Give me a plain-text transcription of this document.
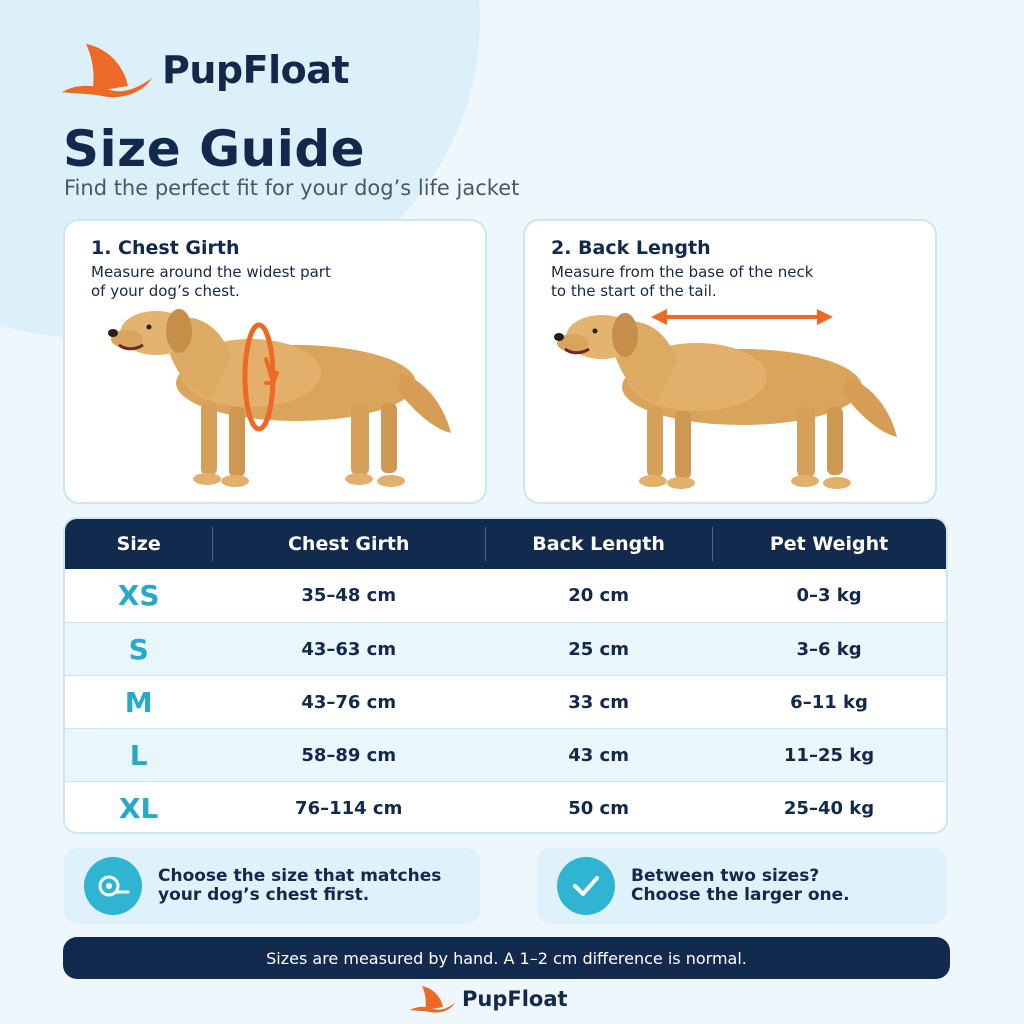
PupFloat
Size Guide
Find the perfect fit for your dog’s life jacket
1. Chest Girth
Measure around the widest part
of your dog’s chest.
2. Back Length
Measure from the base of the neck
to the start of the tail.
Size	Chest Girth	Back Length	Pet Weight
XS	35–48 cm	20 cm	0–3 kg
S	43–63 cm	25 cm	3–6 kg
M	43–76 cm	33 cm	6–11 kg
L	58–89 cm	43 cm	11–25 kg
XL	76–114 cm	50 cm	25–40 kg
Choose the size that matches
your dog’s chest first.
Between two sizes?
Choose the larger one.
Sizes are measured by hand. A 1–2 cm difference is normal.
PupFloat
